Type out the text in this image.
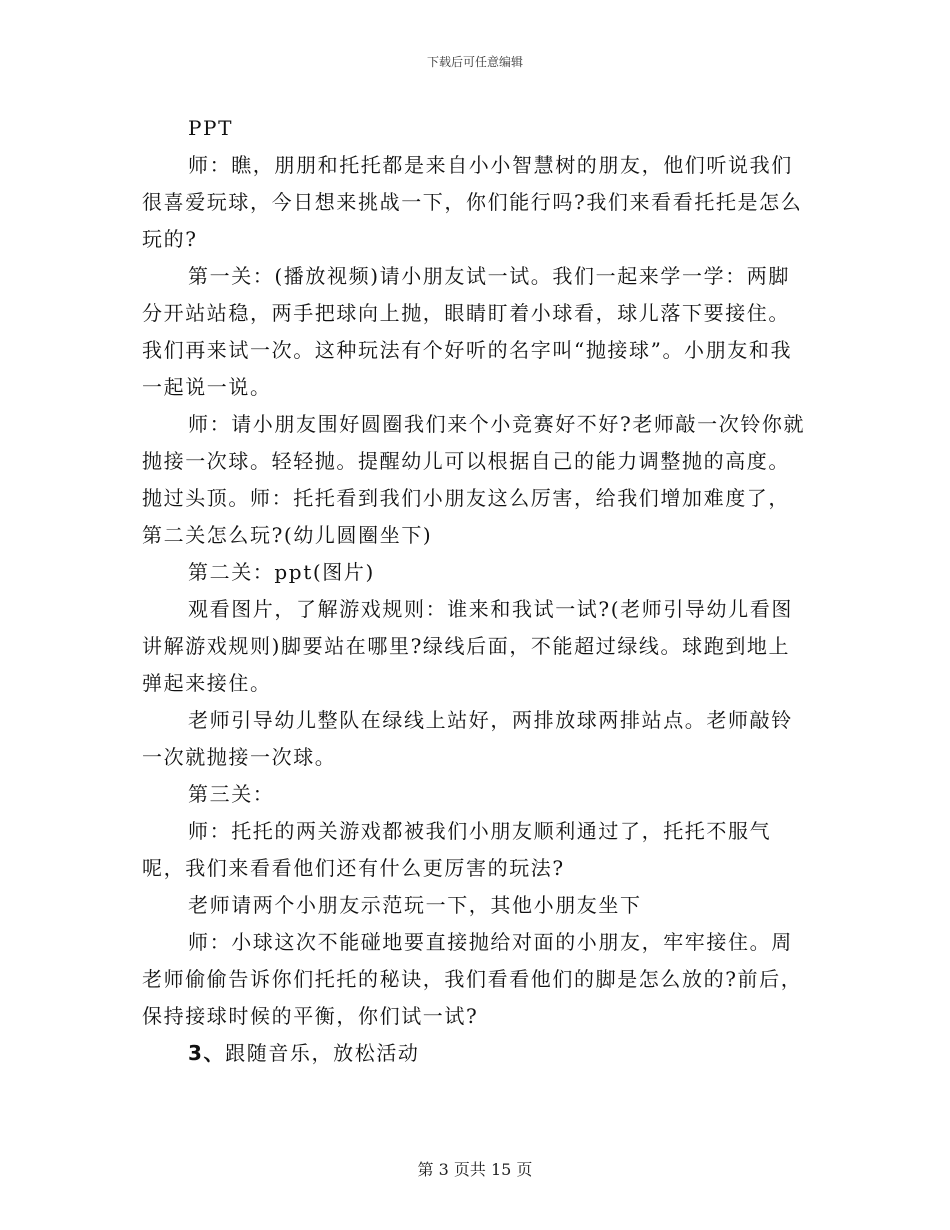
下载后可任意编辑

PPT

师：瞧，朋朋和托托都是来自小小智慧树的朋友，他们听说我们很喜爱玩球，今日想来挑战一下，你们能行吗?我们来看看托托是怎么玩的?

第一关：(播放视频)请小朋友试一试。我们一起来学一学：两脚分开站站稳，两手把球向上抛，眼睛盯着小球看，球儿落下要接住。我们再来试一次。这种玩法有个好听的名字叫“抛接球”。小朋友和我一起说一说。

师：请小朋友围好圆圈我们来个小竞赛好不好?老师敲一次铃你就抛接一次球。轻轻抛。提醒幼儿可以根据自己的能力调整抛的高度。抛过头顶。师：托托看到我们小朋友这么厉害，给我们增加难度了，第二关怎么玩?(幼儿圆圈坐下)

第二关：ppt(图片)

观看图片，了解游戏规则：谁来和我试一试?(老师引导幼儿看图讲解游戏规则)脚要站在哪里?绿线后面，不能超过绿线。球跑到地上弹起来接住。

老师引导幼儿整队在绿线上站好，两排放球两排站点。老师敲铃一次就抛接一次球。

第三关：

师：托托的两关游戏都被我们小朋友顺利通过了，托托不服气呢，我们来看看他们还有什么更厉害的玩法?

老师请两个小朋友示范玩一下，其他小朋友坐下

师：小球这次不能碰地要直接抛给对面的小朋友，牢牢接住。周老师偷偷告诉你们托托的秘诀，我们看看他们的脚是怎么放的?前后，保持接球时候的平衡，你们试一试?

3、跟随音乐，放松活动

第 3 页共 15 页
